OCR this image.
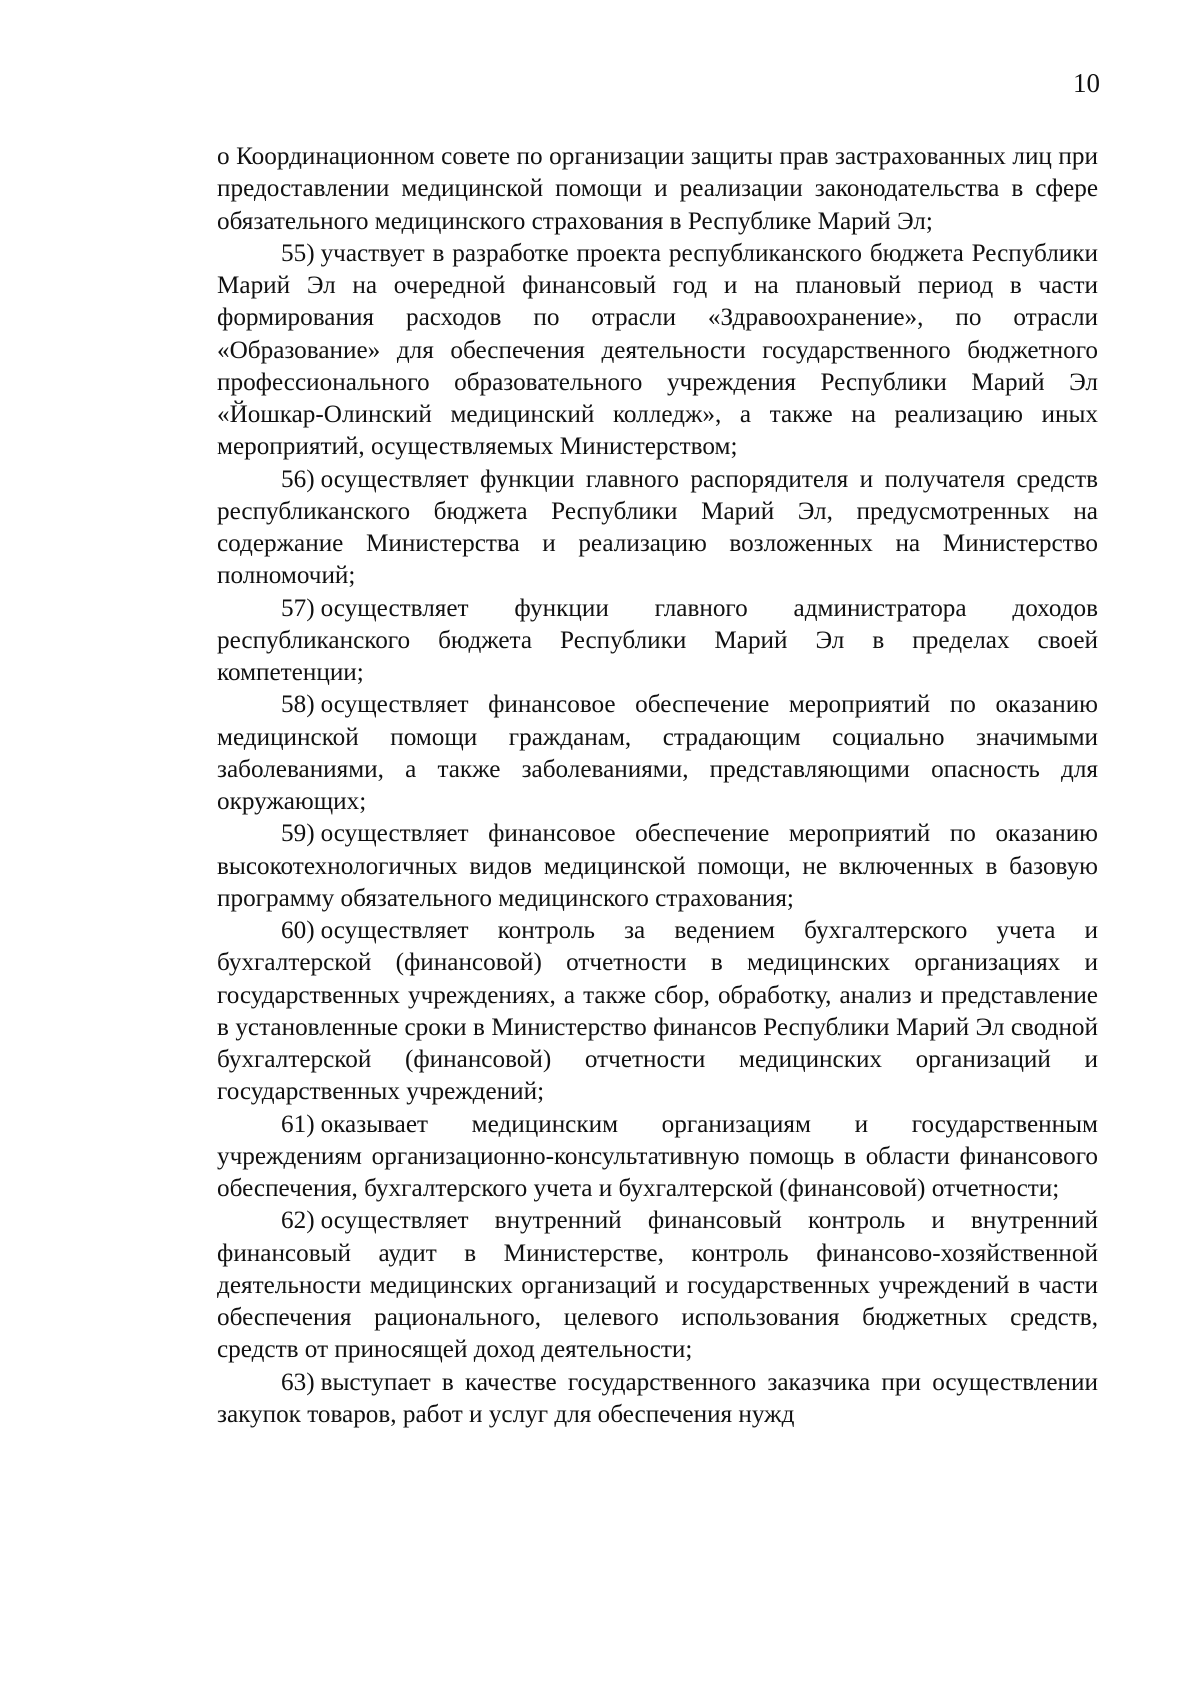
10

о Координационном совете по организации защиты прав застрахованных лиц при предоставлении медицинской помощи и реализации законодательства в сфере обязательного медицинского страхования в Республике Марий Эл;

55) участвует в разработке проекта республиканского бюджета Республики Марий Эл на очередной финансовый год и на плановый период в части формирования расходов по отрасли «Здравоохранение», по отрасли «Образование» для обеспечения деятельности государственного бюджетного профессионального образовательного учреждения Республики Марий Эл «Йошкар-Олинский медицинский колледж», а также на реализацию иных мероприятий, осуществляемых Министерством;

56) осуществляет функции главного распорядителя и получателя средств республиканского бюджета Республики Марий Эл, предусмотренных на содержание Министерства и реализацию возложенных на Министерство полномочий;

57) осуществляет функции главного администратора доходов республиканского бюджета Республики Марий Эл в пределах своей компетенции;

58) осуществляет финансовое обеспечение мероприятий по оказанию медицинской помощи гражданам, страдающим социально значимыми заболеваниями, а также заболеваниями, представляющими опасность для окружающих;

59) осуществляет финансовое обеспечение мероприятий по оказанию высокотехнологичных видов медицинской помощи, не включенных в базовую программу обязательного медицинского страхования;

60) осуществляет контроль за ведением бухгалтерского учета и бухгалтерской (финансовой) отчетности в медицинских организациях и государственных учреждениях, а также сбор, обработку, анализ и представление в установленные сроки в Министерство финансов Республики Марий Эл сводной бухгалтерской (финансовой) отчетности медицинских организаций и государственных учреждений;

61) оказывает медицинским организациям и государственным учреждениям организационно-консультативную помощь в области финансового обеспечения, бухгалтерского учета и бухгалтерской (финансовой) отчетности;

62) осуществляет внутренний финансовый контроль и внутренний финансовый аудит в Министерстве, контроль финансово-хозяйственной деятельности медицинских организаций и государственных учреждений в части обеспечения рационального, целевого использования бюджетных средств, средств от приносящей доход деятельности;

63) выступает в качестве государственного заказчика при осуществлении закупок товаров, работ и услуг для обеспечения нужд
